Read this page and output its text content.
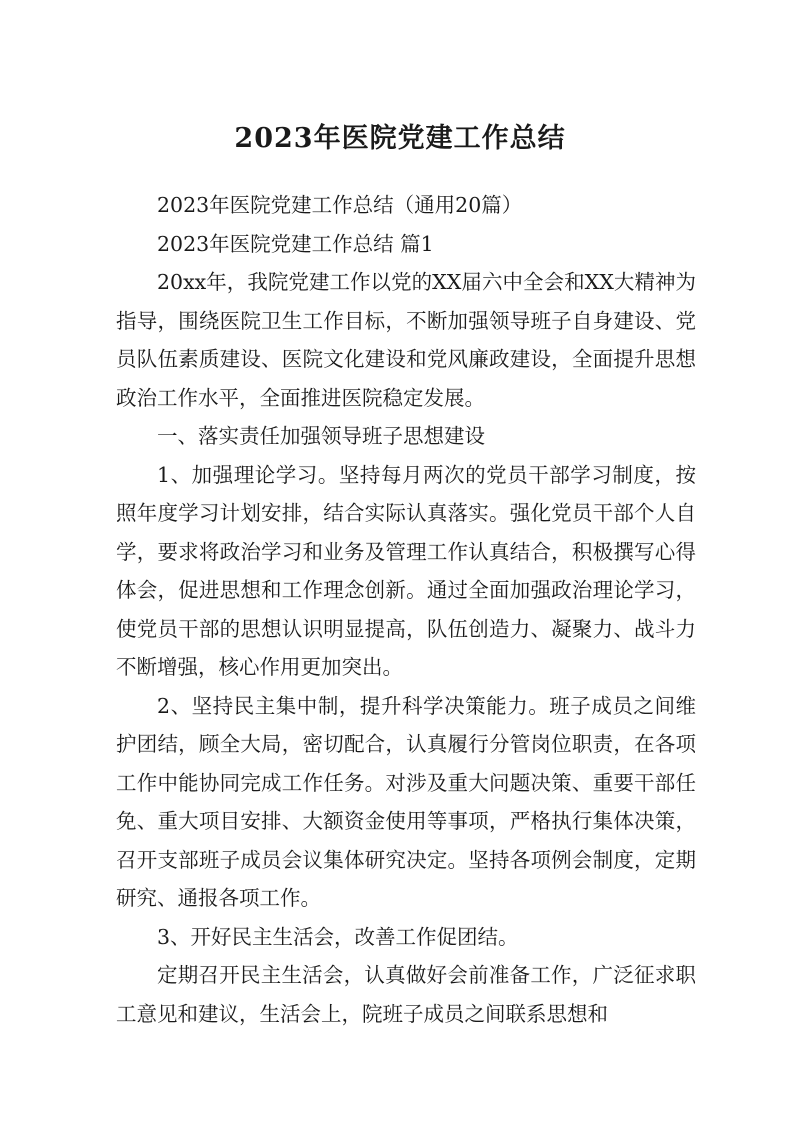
2023年医院党建工作总结

2023年医院党建工作总结（通用20篇）

2023年医院党建工作总结 篇1

20xx年，我院党建工作以党的XX届六中全会和XX大精神为指导，围绕医院卫生工作目标，不断加强领导班子自身建设、党员队伍素质建设、医院文化建设和党风廉政建设，全面提升思想政治工作水平，全面推进医院稳定发展。

一、落实责任加强领导班子思想建设

1、加强理论学习。坚持每月两次的党员干部学习制度，按照年度学习计划安排，结合实际认真落实。强化党员干部个人自学，要求将政治学习和业务及管理工作认真结合，积极撰写心得体会，促进思想和工作理念创新。通过全面加强政治理论学习，使党员干部的思想认识明显提高，队伍创造力、凝聚力、战斗力不断增强，核心作用更加突出。

2、坚持民主集中制，提升科学决策能力。班子成员之间维护团结，顾全大局，密切配合，认真履行分管岗位职责，在各项工作中能协同完成工作任务。对涉及重大问题决策、重要干部任免、重大项目安排、大额资金使用等事项，严格执行集体决策，召开支部班子成员会议集体研究决定。坚持各项例会制度，定期研究、通报各项工作。

3、开好民主生活会，改善工作促团结。

定期召开民主生活会，认真做好会前准备工作，广泛征求职工意见和建议，生活会上，院班子成员之间联系思想和
